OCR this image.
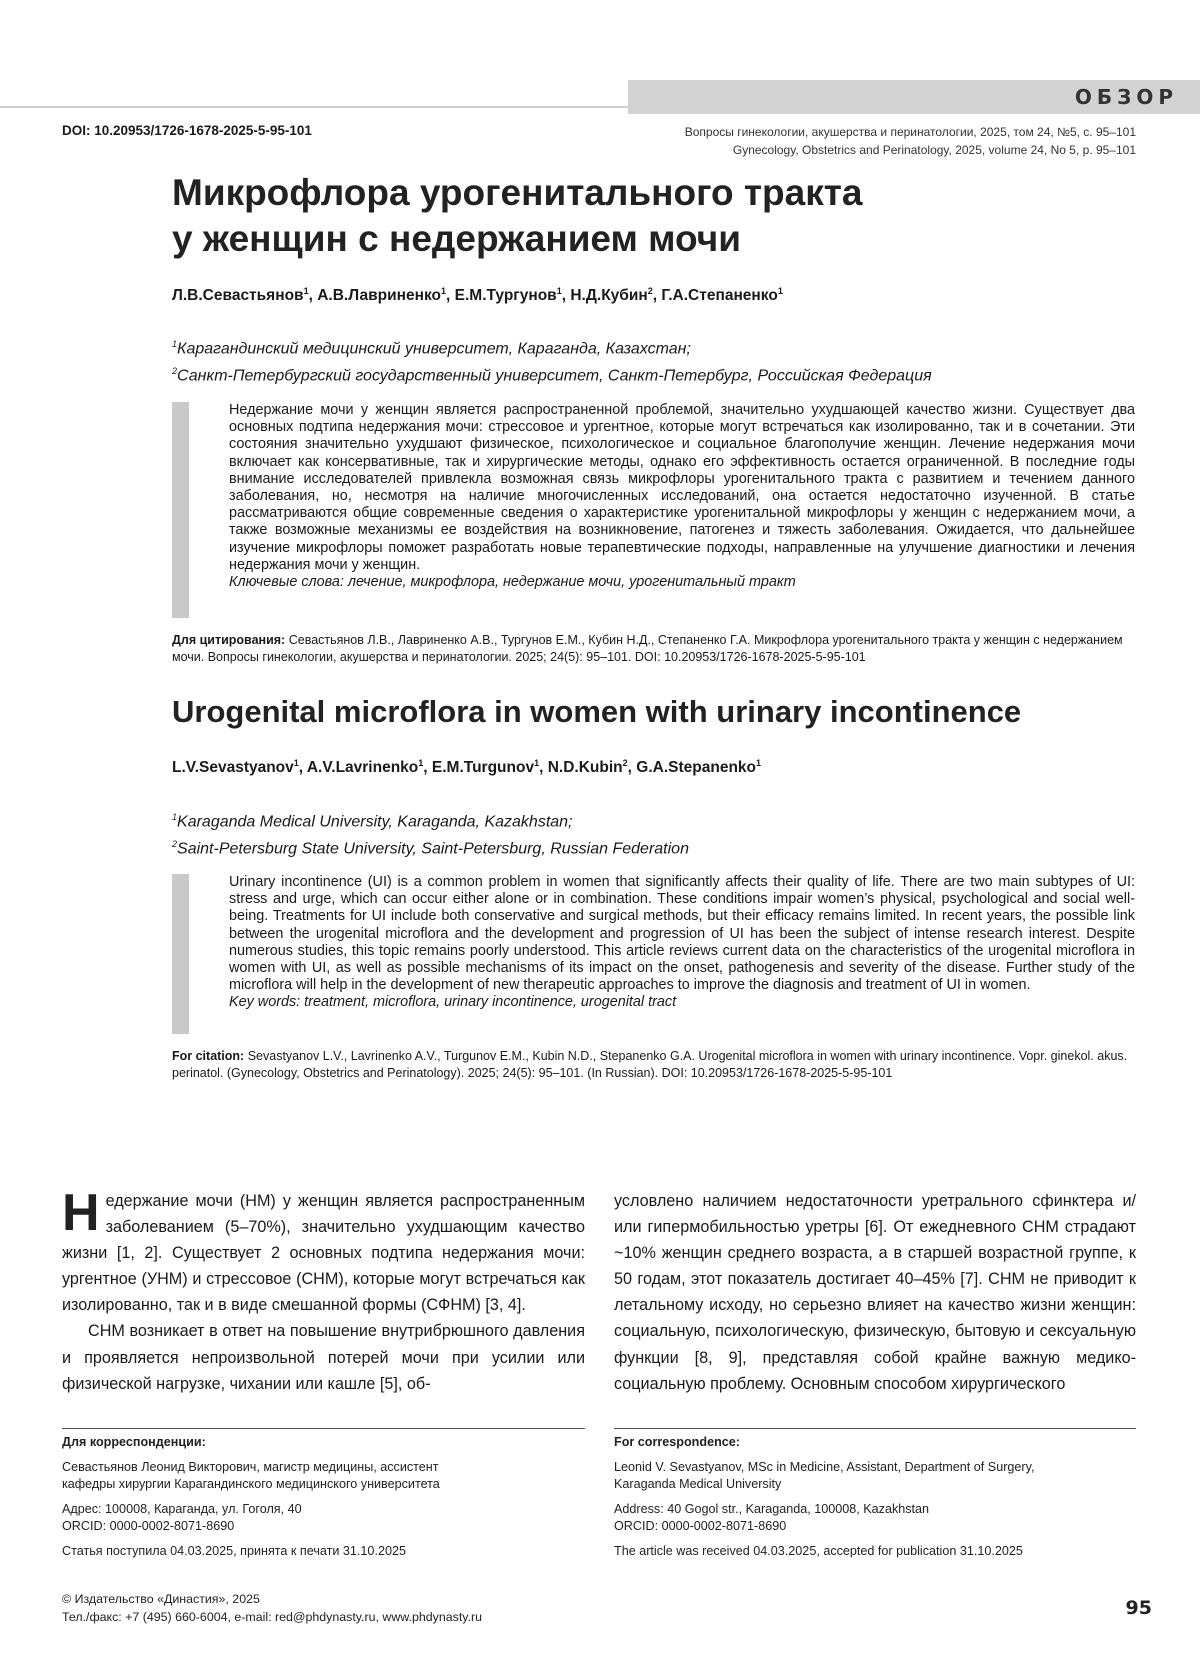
ОБЗОР
DOI: 10.20953/1726-1678-2025-5-95-101	Вопросы гинекологии, акушерства и перинатологии, 2025, том 24, №5, с. 95–101
Gynecology, Obstetrics and Perinatology, 2025, volume 24, No 5, p. 95–101
Микрофлора урогенитального тракта
у женщин с недержанием мочи
Л.В.Севастьянов$^1$, А.В.Лавриненко$^1$, Е.М.Тургунов$^1$, Н.Д.Кубин$^2$, Г.А.Степаненко$^1$
$^1$Карагандинский медицинский университет, Караганда, Казахстан;
$^2$Санкт-Петербургский государственный университет, Санкт-Петербург, Российская Федерация
Недержание мочи у женщин является распространенной проблемой, значительно ухудшающей качество жизни. Существует два основных подтипа недержания мочи: стрессовое и ургентное, которые могут встречаться как изолированно, так и в сочетании. Эти состояния значительно ухудшают физическое, психологическое и социальное благополучие женщин. Лечение недержания мочи включает как консервативные, так и хирургические методы, однако его эффективность остается ограниченной. В последние годы внимание исследователей привлекла возможная связь микрофлоры урогенитального тракта с развитием и течением данного заболевания, но, несмотря на наличие многочисленных исследований, она остается недостаточно изученной. В статье рассматриваются общие современные сведения о характеристике урогенитальной микрофлоры у женщин с недержанием мочи, а также возможные механизмы ее воздействия на возникновение, патогенез и тяжесть заболевания. Ожидается, что дальнейшее изучение микрофлоры поможет разработать новые терапевтические подходы, направленные на улучшение диагностики и лечения недержания мочи у женщин.
Ключевые слова: лечение, микрофлора, недержание мочи, урогенитальный тракт
Для цитирования: Севастьянов Л.В., Лавриненко А.В., Тургунов Е.М., Кубин Н.Д., Степаненко Г.А. Микрофлора урогенитального тракта у женщин с недержанием мочи. Вопросы гинекологии, акушерства и перинатологии. 2025; 24(5): 95–101. DOI: 10.20953/1726-1678-2025-5-95-101
Urogenital microflora in women with urinary incontinence
L.V.Sevastyanov$^1$, A.V.Lavrinenko$^1$, E.M.Turgunov$^1$, N.D.Kubin$^2$, G.A.Stepanenko$^1$
$^1$Karaganda Medical University, Karaganda, Kazakhstan;
$^2$Saint-Petersburg State University, Saint-Petersburg, Russian Federation
Urinary incontinence (UI) is a common problem in women that significantly affects their quality of life. There are two main subtypes of UI: stress and urge, which can occur either alone or in combination. These conditions impair women’s physical, psychological and social well-being. Treatments for UI include both conservative and surgical methods, but their efficacy remains limited. In recent years, the possible link between the urogenital microflora and the development and progression of UI has been the subject of intense research interest. Despite numerous studies, this topic remains poorly understood. This article reviews current data on the characteristics of the urogenital microflora in women with UI, as well as possible mechanisms of its impact on the onset, pathogenesis and severity of the disease. Further study of the microflora will help in the development of new therapeutic approaches to improve the diagnosis and treatment of UI in women.
Key words: treatment, microflora, urinary incontinence, urogenital tract
For citation: Sevastyanov L.V., Lavrinenko A.V., Turgunov E.M., Kubin N.D., Stepanenko G.A. Urogenital microflora in women with urinary incontinence. Vopr. ginekol. akus. perinatol. (Gynecology, Obstetrics and Perinatology). 2025; 24(5): 95–101. (In Russian). DOI: 10.20953/1726-1678-2025-5-95-101

Недержание мочи (НМ) у женщин является распространенным заболеванием (5–70%), значительно ухудшающим качество жизни [1, 2]. Существует 2 основных подтипа недержания мочи: ургентное (УНМ) и стрессовое (СНМ), которые могут встречаться как изолированно, так и в виде смешанной формы (СФНМ) [3, 4].

СНМ возникает в ответ на повышение внутрибрюшного давления и проявляется непроизвольной потерей мочи при усилии или физической нагрузке, чихании или кашле [5], об-

условлено наличием недостаточности уретрального сфинктера и/или гипермобильностью уретры [6]. От ежедневного СНМ страдают ~10% женщин среднего возраста, а в старшей возрастной группе, к 50 годам, этот показатель достигает 40–45% [7]. СНМ не приводит к летальному исходу, но серьезно влияет на качество жизни женщин: социальную, психологическую, физическую, бытовую и сексуальную функции [8, 9], представляя собой крайне важную медико-социальную проблему. Основным способом хирургического

Для корреспонденции:

Севастьянов Леонид Викторович, магистр медицины, ассистент

кафедры хирургии Карагандинского медицинского университета

Адрес: 100008, Караганда, ул. Гоголя, 40

ORCID: 0000-0002-8071-8690

Статья поступила 04.03.2025, принята к печати 31.10.2025

For correspondence:

Leonid V. Sevastyanov, MSc in Medicine, Assistant, Department of Surgery,

Karaganda Medical University

Address: 40 Gogol str., Karaganda, 100008, Kazakhstan

ORCID: 0000-0002-8071-8690

The article was received 04.03.2025, accepted for publication 31.10.2025

© Издательство «Династия», 2025
Тел./факс: +7 (495) 660-6004, e-mail: red@phdynasty.ru, www.phdynasty.ru	95
